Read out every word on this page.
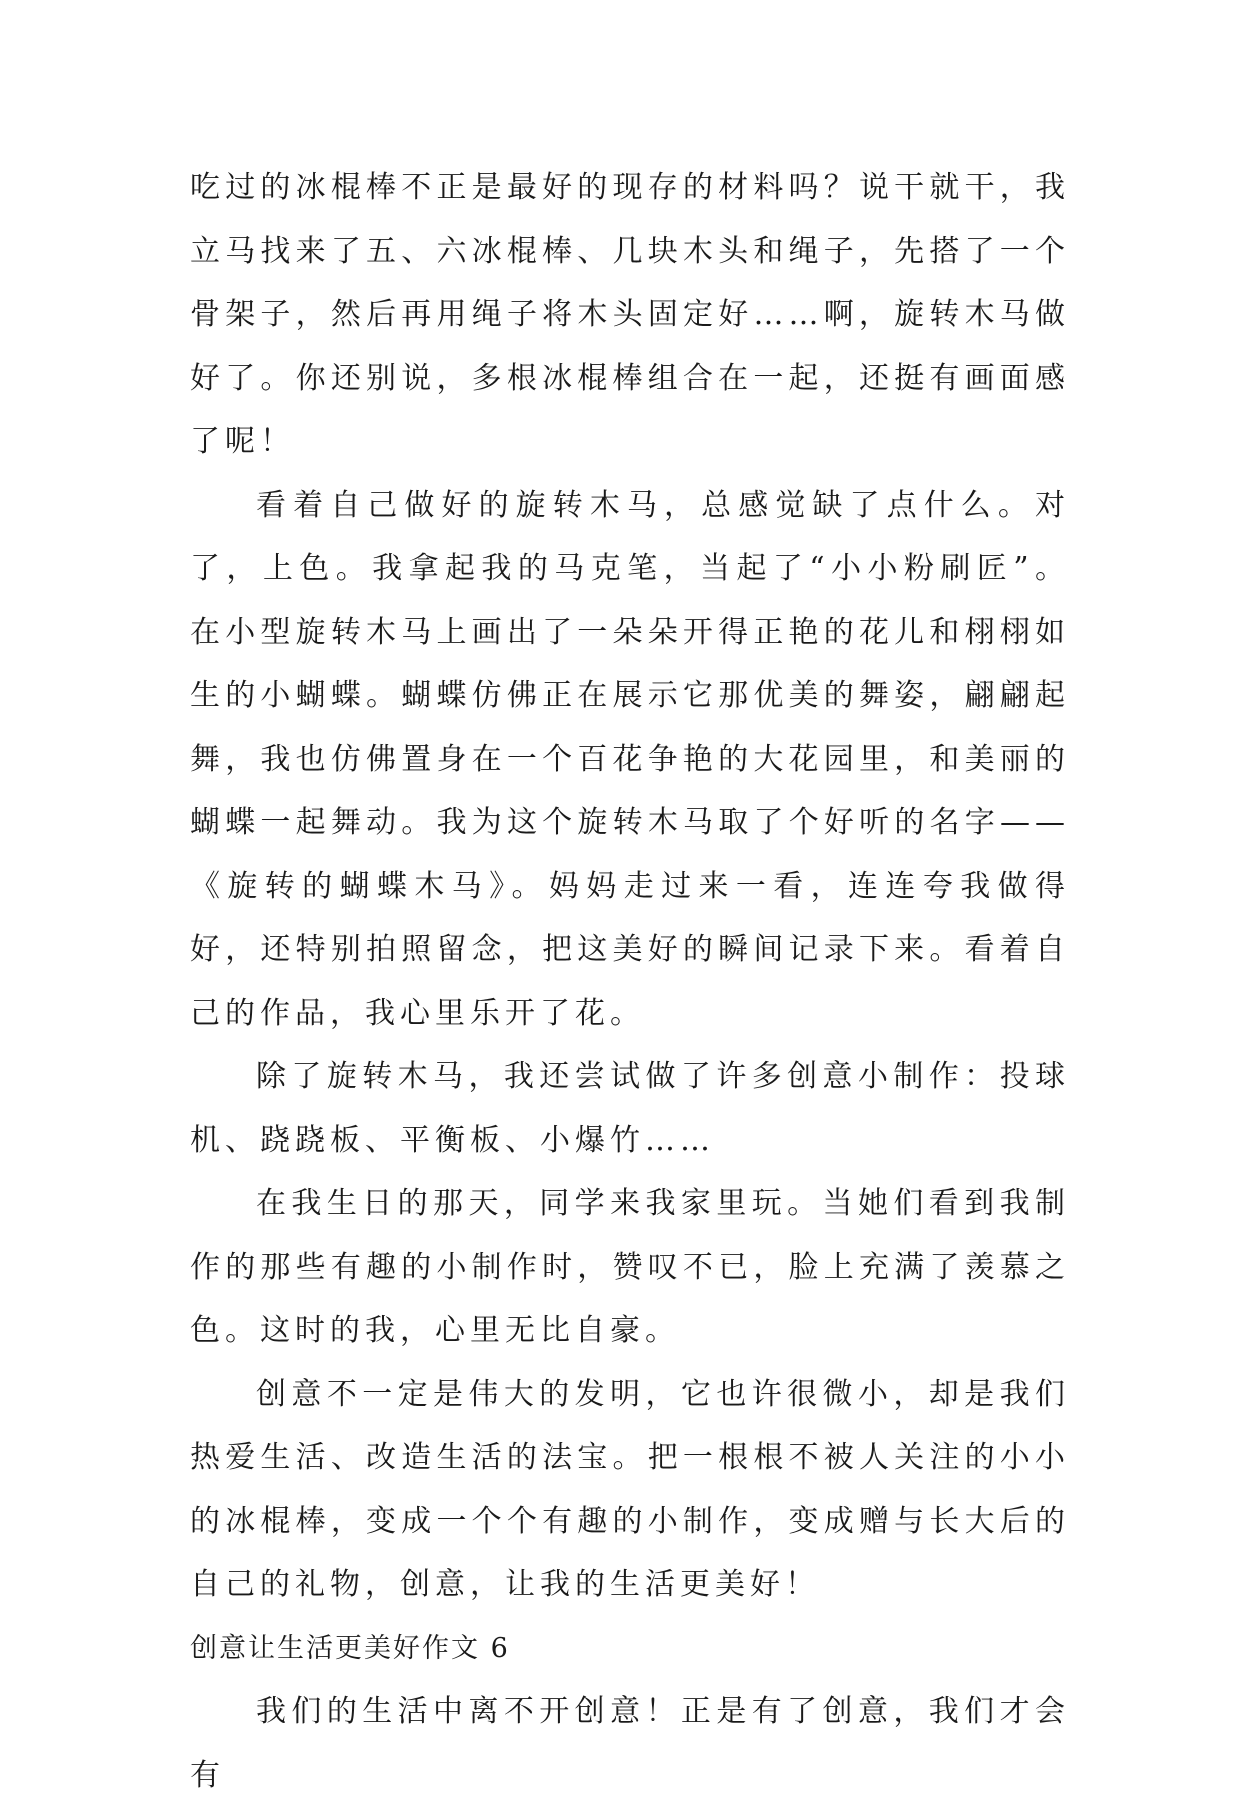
吃过的冰棍棒不正是最好的现存的材料吗？说干就干，我立马找来了五、六冰棍棒、几块木头和绳子，先搭了一个骨架子，然后再用绳子将木头固定好……啊，旋转木马做好了。你还别说，多根冰棍棒组合在一起，还挺有画面感了呢！

看着自己做好的旋转木马，总感觉缺了点什么。对了，上色。我拿起我的马克笔，当起了“小小粉刷匠”。在小型旋转木马上画出了一朵朵开得正艳的花儿和栩栩如生的小蝴蝶。蝴蝶仿佛正在展示它那优美的舞姿，翩翩起舞，我也仿佛置身在一个百花争艳的大花园里，和美丽的蝴蝶一起舞动。我为这个旋转木马取了个好听的名字——《旋转的蝴蝶木马》。妈妈走过来一看，连连夸我做得好，还特别拍照留念，把这美好的瞬间记录下来。看着自己的作品，我心里乐开了花。

除了旋转木马，我还尝试做了许多创意小制作：投球机、跷跷板、平衡板、小爆竹……

在我生日的那天，同学来我家里玩。当她们看到我制作的那些有趣的小制作时，赞叹不已，脸上充满了羡慕之色。这时的我，心里无比自豪。

创意不一定是伟大的发明，它也许很微小，却是我们热爱生活、改造生活的法宝。把一根根不被人关注的小小的冰棍棒，变成一个个有趣的小制作，变成赠与长大后的自己的礼物，创意，让我的生活更美好！

创意让生活更美好作文 6

我们的生活中离不开创意！正是有了创意，我们才会有
